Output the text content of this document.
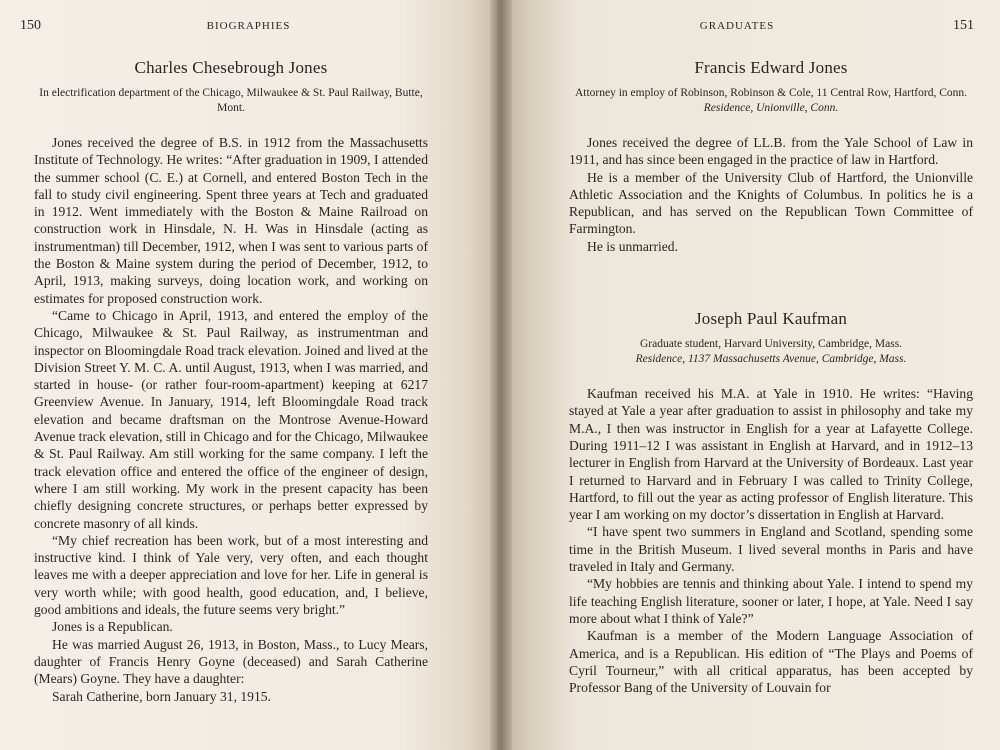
150	BIOGRAPHIES
Charles Chesebrough Jones

In electrification department of the Chicago, Milwaukee & St. Paul Railway, Butte, Mont.

Jones received the degree of B.S. in 1912 from the Massachusetts Institute of Technology. He writes: “After graduation in 1909, I attended the summer school (C. E.) at Cornell, and entered Boston Tech in the fall to study civil engineering. Spent three years at Tech and graduated in 1912. Went immediately with the Boston & Maine Railroad on construction work in Hinsdale, N. H. Was in Hinsdale (acting as instrumentman) till December, 1912, when I was sent to various parts of the Boston & Maine system during the period of December, 1912, to April, 1913, making surveys, doing location work, and working on estimates for proposed construction work.

“Came to Chicago in April, 1913, and entered the employ of the Chicago, Milwaukee & St. Paul Railway, as instrumentman and inspector on Bloomingdale Road track elevation. Joined and lived at the Division Street Y. M. C. A. until August, 1913, when I was married, and started in house- (or rather four-room-apartment) keeping at 6217 Greenview Avenue. In January, 1914, left Bloomingdale Road track elevation and became draftsman on the Montrose Avenue-Howard Avenue track elevation, still in Chicago and for the Chicago, Milwaukee & St. Paul Railway. Am still working for the same company. I left the track elevation office and entered the office of the engineer of design, where I am still working. My work in the present capacity has been chiefly designing concrete structures, or perhaps better expressed by concrete masonry of all kinds.

“My chief recreation has been work, but of a most interesting and instructive kind. I think of Yale very, very often, and each thought leaves me with a deeper appreciation and love for her. Life in general is very worth while; with good health, good education, and, I believe, good ambitions and ideals, the future seems very bright.”

Jones is a Republican.

He was married August 26, 1913, in Boston, Mass., to Lucy Mears, daughter of Francis Henry Goyne (deceased) and Sarah Catherine (Mears) Goyne. They have a daughter:

Sarah Catherine, born January 31, 1915.

GRADUATES	151
Francis Edward Jones

Attorney in employ of Robinson, Robinson & Cole, 11 Central Row, Hartford, Conn.

Residence, Unionville, Conn.

Jones received the degree of LL.B. from the Yale School of Law in 1911, and has since been engaged in the practice of law in Hartford.

He is a member of the University Club of Hartford, the Unionville Athletic Association and the Knights of Columbus. In politics he is a Republican, and has served on the Republican Town Committee of Farmington.

He is unmarried.

Joseph Paul Kaufman

Graduate student, Harvard University, Cambridge, Mass.

Residence, 1137 Massachusetts Avenue, Cambridge, Mass.

Kaufman received his M.A. at Yale in 1910. He writes: “Having stayed at Yale a year after graduation to assist in philosophy and take my M.A., I then was instructor in English for a year at Lafayette College. During 1911–12 I was assistant in English at Harvard, and in 1912–13 lecturer in English from Harvard at the University of Bordeaux. Last year I returned to Harvard and in February I was called to Trinity College, Hartford, to fill out the year as acting professor of English literature. This year I am working on my doctor’s dissertation in English at Harvard.

“I have spent two summers in England and Scotland, spending some time in the British Museum. I lived several months in Paris and have traveled in Italy and Germany.

“My hobbies are tennis and thinking about Yale. I intend to spend my life teaching English literature, sooner or later, I hope, at Yale. Need I say more about what I think of Yale?”

Kaufman is a member of the Modern Language Association of America, and is a Republican. His edition of “The Plays and Poems of Cyril Tourneur,” with all critical apparatus, has been accepted by Professor Bang of the University of Louvain for
